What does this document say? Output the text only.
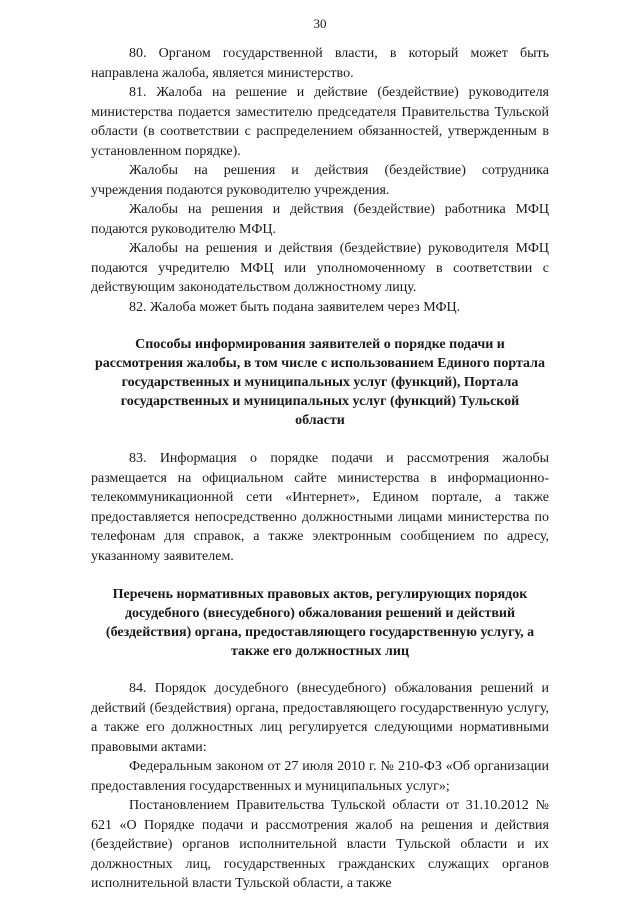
30

80. Органом государственной власти, в который может быть направлена жалоба, является министерство.

81. Жалоба на решение и действие (бездействие) руководителя министерства подается заместителю председателя Правительства Тульской области (в соответствии с распределением обязанностей, утвержденным в установленном порядке).

Жалобы на решения и действия (бездействие) сотрудника учреждения подаются руководителю учреждения.

Жалобы на решения и действия (бездействие) работника МФЦ подаются руководителю МФЦ.

Жалобы на решения и действия (бездействие) руководителя МФЦ подаются учредителю МФЦ или уполномоченному в соответствии с действующим законодательством должностному лицу.

82. Жалоба может быть подана заявителем через МФЦ.

Способы информирования заявителей о порядке подачи и рассмотрения жалобы, в том числе с использованием Единого портала государственных и муниципальных услуг (функций), Портала государственных и муниципальных услуг (функций) Тульской области

83. Информация о порядке подачи и рассмотрения жалобы размещается на официальном сайте министерства в информационно-телекоммуникационной сети «Интернет», Едином портале, а также предоставляется непосредственно должностными лицами министерства по телефонам для справок, а также электронным сообщением по адресу, указанному заявителем.

Перечень нормативных правовых актов, регулирующих порядок досудебного (внесудебного) обжалования решений и действий (бездействия) органа, предоставляющего государственную услугу, а также его должностных лиц

84. Порядок досудебного (внесудебного) обжалования решений и действий (бездействия) органа, предоставляющего государственную услугу, а также его должностных лиц регулируется следующими нормативными правовыми актами:

Федеральным законом от 27 июля 2010 г. № 210-ФЗ «Об организации предоставления государственных и муниципальных услуг»;

Постановлением Правительства Тульской области от 31.10.2012 № 621 «О Порядке подачи и рассмотрения жалоб на решения и действия (бездействие) органов исполнительной власти Тульской области и их должностных лиц, государственных гражданских служащих органов исполнительной власти Тульской области, а также
